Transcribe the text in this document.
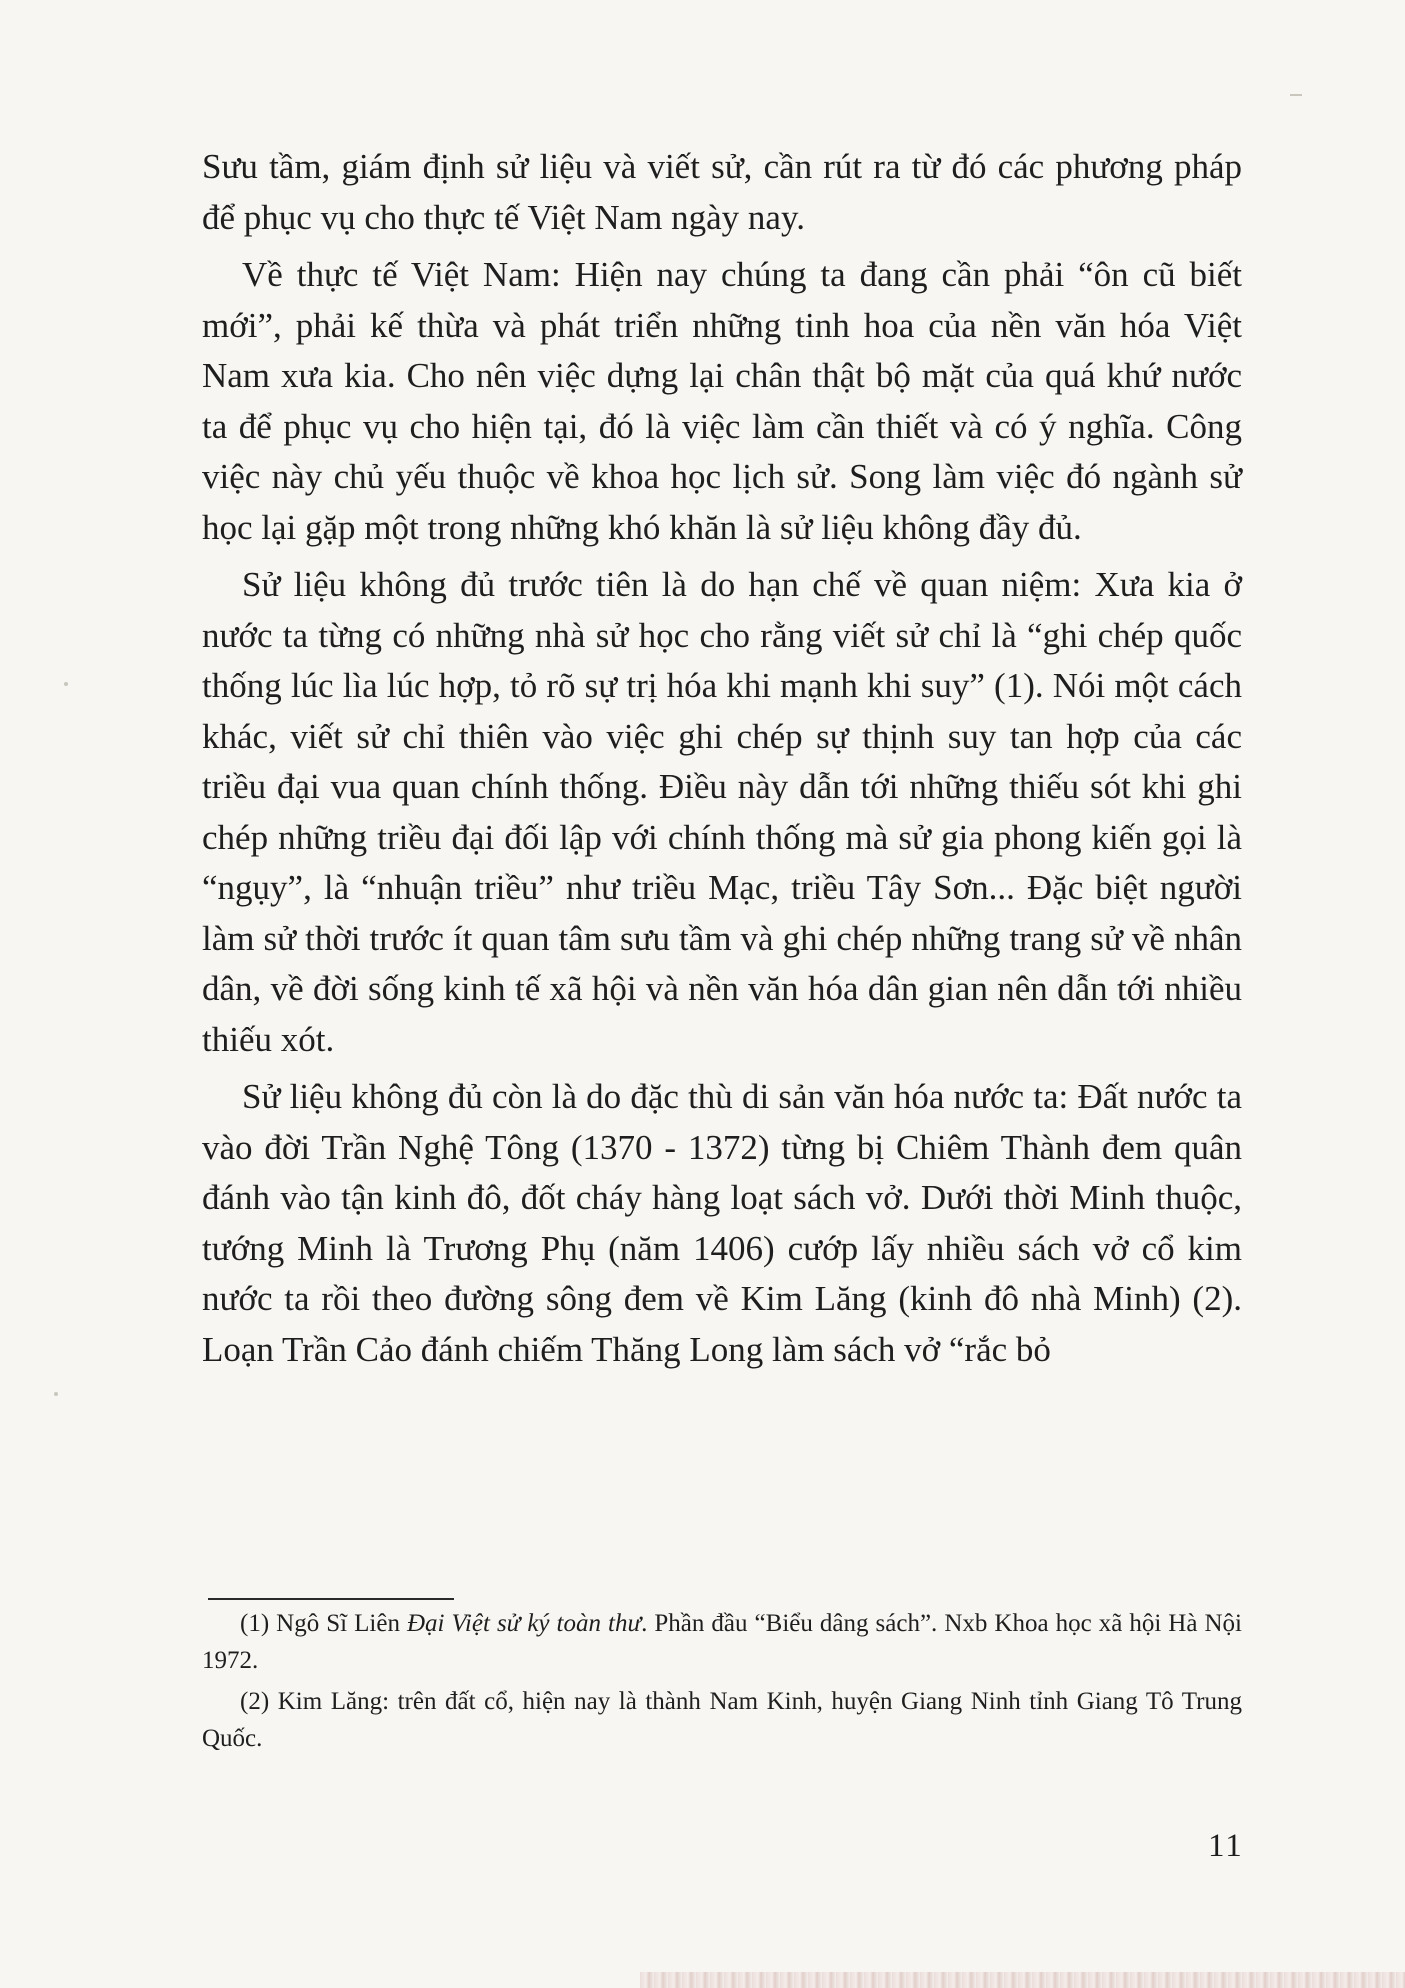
Sưu tầm, giám định sử liệu và viết sử, cần rút ra từ đó các phương pháp để phục vụ cho thực tế Việt Nam ngày nay.

Về thực tế Việt Nam: Hiện nay chúng ta đang cần phải “ôn cũ biết mới”, phải kế thừa và phát triển những tinh hoa của nền văn hóa Việt Nam xưa kia. Cho nên việc dựng lại chân thật bộ mặt của quá khứ nước ta để phục vụ cho hiện tại, đó là việc làm cần thiết và có ý nghĩa. Công việc này chủ yếu thuộc về khoa học lịch sử. Song làm việc đó ngành sử học lại gặp một trong những khó khăn là sử liệu không đầy đủ.

Sử liệu không đủ trước tiên là do hạn chế về quan niệm: Xưa kia ở nước ta từng có những nhà sử học cho rằng viết sử chỉ là “ghi chép quốc thống lúc lìa lúc hợp, tỏ rõ sự trị hóa khi mạnh khi suy” (1). Nói một cách khác, viết sử chỉ thiên vào việc ghi chép sự thịnh suy tan hợp của các triều đại vua quan chính thống. Điều này dẫn tới những thiếu sót khi ghi chép những triều đại đối lập với chính thống mà sử gia phong kiến gọi là “ngụy”, là “nhuận triều” như triều Mạc, triều Tây Sơn... Đặc biệt người làm sử thời trước ít quan tâm sưu tầm và ghi chép những trang sử về nhân dân, về đời sống kinh tế xã hội và nền văn hóa dân gian nên dẫn tới nhiều thiếu xót.

Sử liệu không đủ còn là do đặc thù di sản văn hóa nước ta: Đất nước ta vào đời Trần Nghệ Tông (1370 - 1372) từng bị Chiêm Thành đem quân đánh vào tận kinh đô, đốt cháy hàng loạt sách vở. Dưới thời Minh thuộc, tướng Minh là Trương Phụ (năm 1406) cướp lấy nhiều sách vở cổ kim nước ta rồi theo đường sông đem về Kim Lăng (kinh đô nhà Minh) (2). Loạn Trần Cảo đánh chiếm Thăng Long làm sách vở “rắc bỏ

(1) Ngô Sĩ Liên Đại Việt sử ký toàn thư. Phần đầu “Biểu dâng sách”. Nxb Khoa học xã hội Hà Nội 1972.

(2) Kim Lăng: trên đất cổ, hiện nay là thành Nam Kinh, huyện Giang Ninh tỉnh Giang Tô Trung Quốc.

11
